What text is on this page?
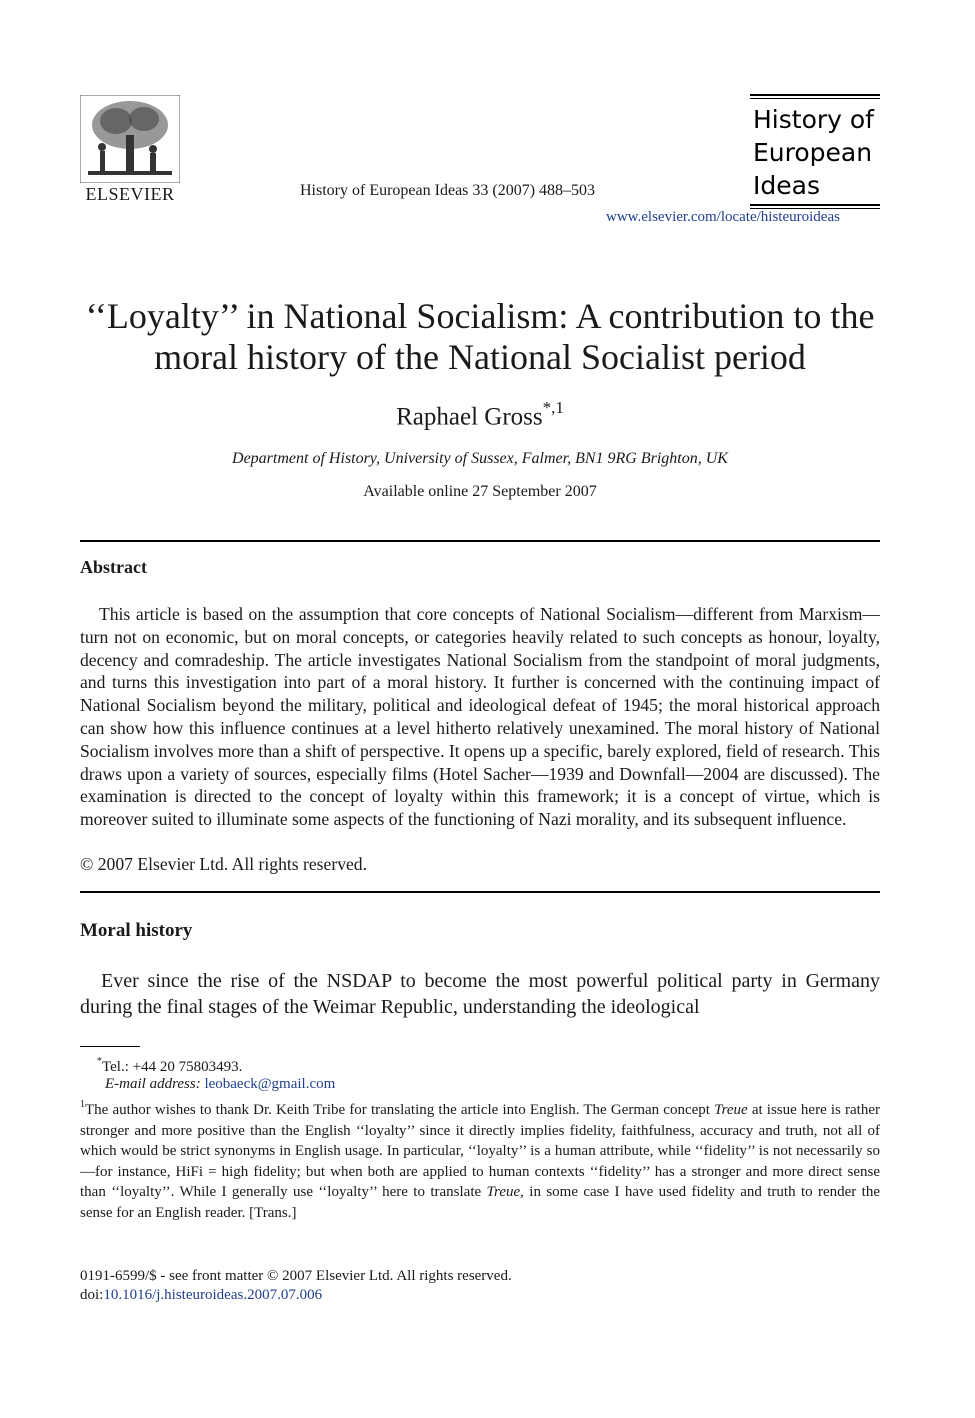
ELSEVIER	History of European Ideas 33 (2007) 488–503
History of
European
Ideas
www.elsevier.com/locate/histeuroideas
‘‘Loyalty’’ in National Socialism: A contribution to the moral history of the National Socialist period
Raphael Gross$^{*,1}$
Department of History, University of Sussex, Falmer, BN1 9RG Brighton, UK
Available online 27 September 2007
Abstract
This article is based on the assumption that core concepts of National Socialism—different from Marxism—turn not on economic, but on moral concepts, or categories heavily related to such concepts as honour, loyalty, decency and comradeship. The article investigates National Socialism from the standpoint of moral judgments, and turns this investigation into part of a moral history. It further is concerned with the continuing impact of National Socialism beyond the military, political and ideological defeat of 1945; the moral historical approach can show how this influence continues at a level hitherto relatively unexamined. The moral history of National Socialism involves more than a shift of perspective. It opens up a specific, barely explored, field of research. This draws upon a variety of sources, especially films (Hotel Sacher—1939 and Downfall—2004 are discussed). The examination is directed to the concept of loyalty within this framework; it is a concept of virtue, which is moreover suited to illuminate some aspects of the functioning of Nazi morality, and its subsequent influence.
© 2007 Elsevier Ltd. All rights reserved.
Moral history
Ever since the rise of the NSDAP to become the most powerful political party in Germany during the final stages of the Weimar Republic, understanding the ideological
*Tel.: +44 20 75803493.
E-mail address: leobaeck@gmail.com
$^1$The author wishes to thank Dr. Keith Tribe for translating the article into English. The German concept Treue at issue here is rather stronger and more positive than the English ‘‘loyalty’’ since it directly implies fidelity, faithfulness, accuracy and truth, not all of which would be strict synonyms in English usage. In particular, ‘‘loyalty’’ is a human attribute, while ‘‘fidelity’’ is not necessarily so—for instance, HiFi = high fidelity; but when both are applied to human contexts ‘‘fidelity’’ has a stronger and more direct sense than ‘‘loyalty’’. While I generally use ‘‘loyalty’’ here to translate Treue, in some case I have used fidelity and truth to render the sense for an English reader. [Trans.]
0191-6599/$ - see front matter © 2007 Elsevier Ltd. All rights reserved.
doi:10.1016/j.histeuroideas.2007.07.006
